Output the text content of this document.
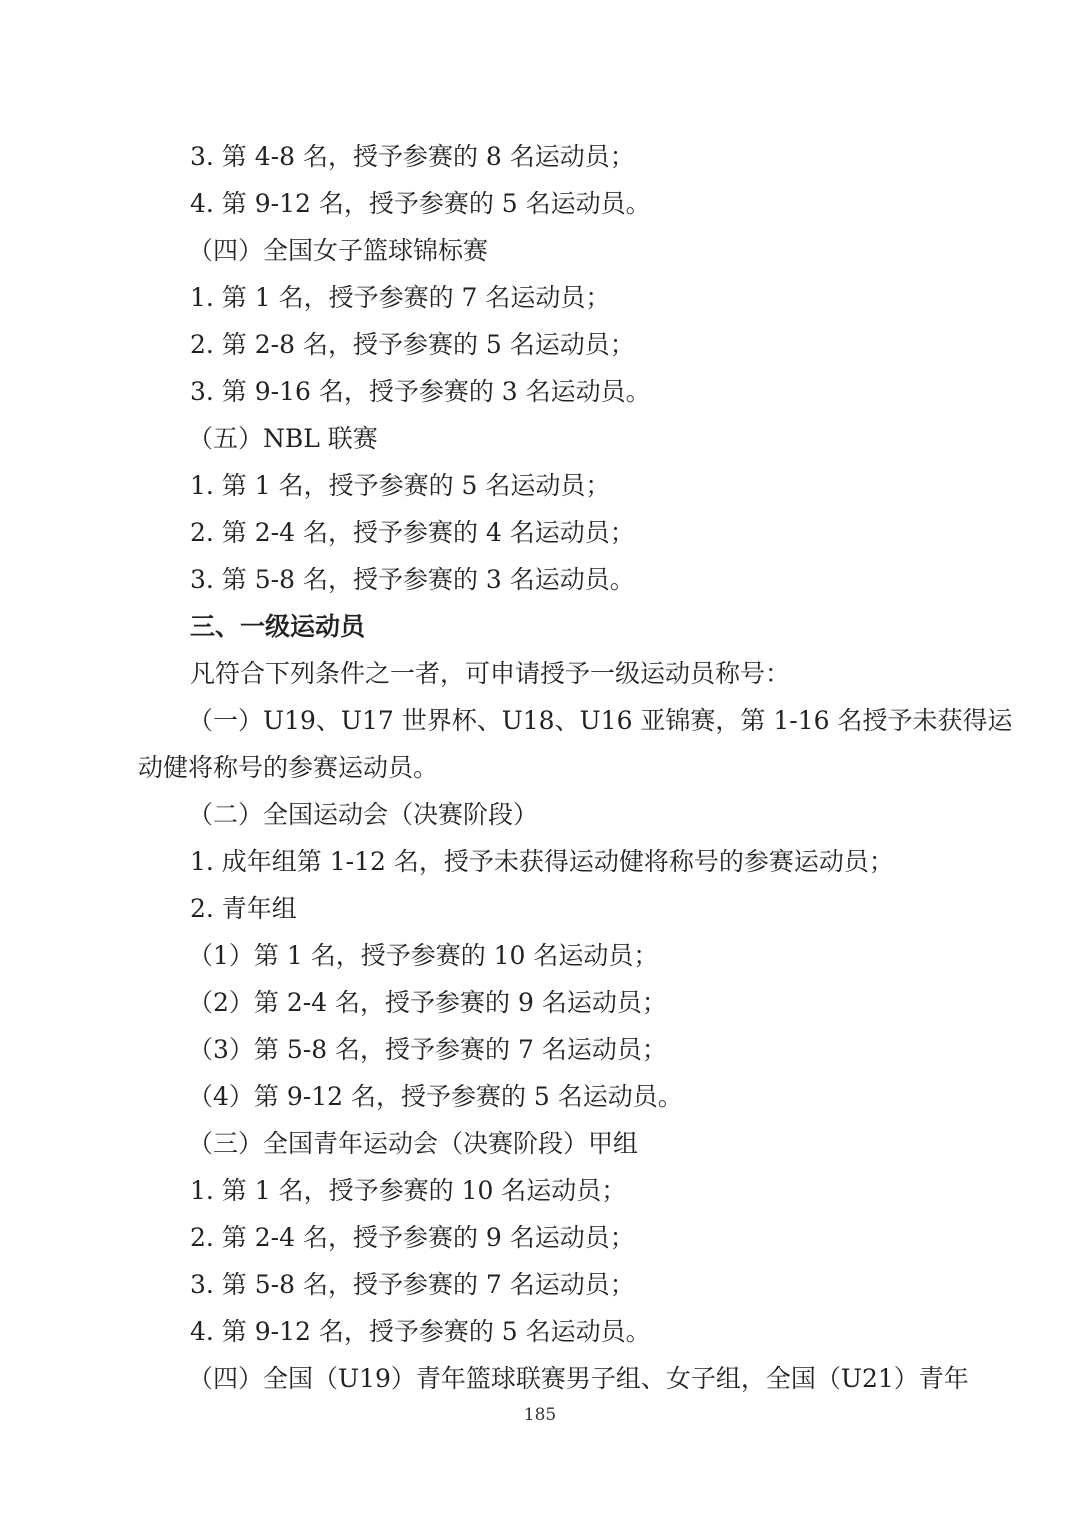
3. 第 4-8 名，授予参赛的 8 名运动员；
4. 第 9-12 名，授予参赛的 5 名运动员。
（四）全国女子篮球锦标赛
1. 第 1 名，授予参赛的 7 名运动员；
2. 第 2-8 名，授予参赛的 5 名运动员；
3. 第 9-16 名，授予参赛的 3 名运动员。
（五）NBL 联赛
1. 第 1 名，授予参赛的 5 名运动员；
2. 第 2-4 名，授予参赛的 4 名运动员；
3. 第 5-8 名，授予参赛的 3 名运动员。
三、一级运动员
凡符合下列条件之一者，可申请授予一级运动员称号：
（一）U19、U17 世界杯、U18、U16 亚锦赛，第 1-16 名授予未获得运
动健将称号的参赛运动员。
（二）全国运动会（决赛阶段）
1. 成年组第 1-12 名，授予未获得运动健将称号的参赛运动员；
2. 青年组
（1）第 1 名，授予参赛的 10 名运动员；
（2）第 2-4 名，授予参赛的 9 名运动员；
（3）第 5-8 名，授予参赛的 7 名运动员；
（4）第 9-12 名，授予参赛的 5 名运动员。
（三）全国青年运动会（决赛阶段）甲组
1. 第 1 名，授予参赛的 10 名运动员；
2. 第 2-4 名，授予参赛的 9 名运动员；
3. 第 5-8 名，授予参赛的 7 名运动员；
4. 第 9-12 名，授予参赛的 5 名运动员。
（四）全国（U19）青年篮球联赛男子组、女子组，全国（U21）青年
185
